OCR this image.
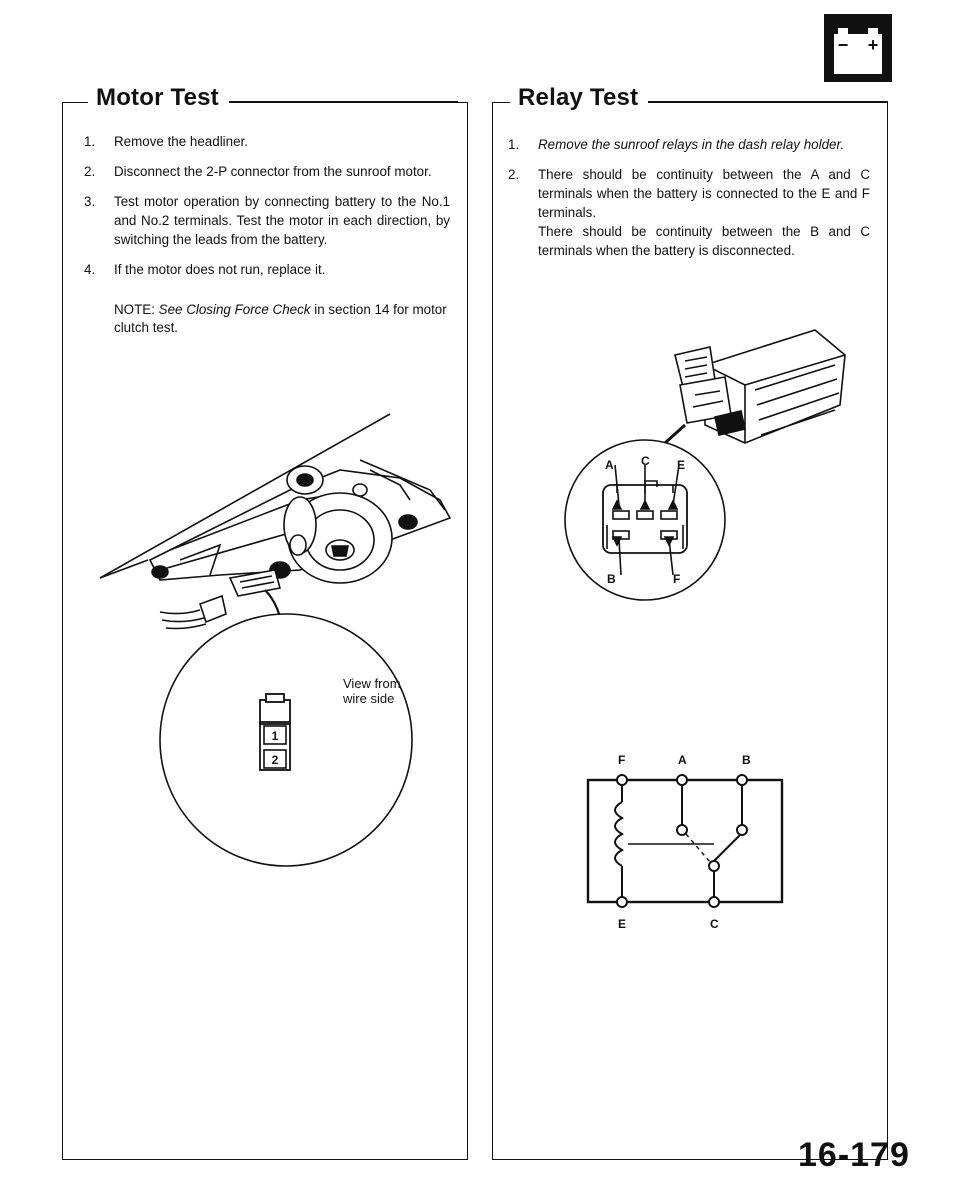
− +
Motor Test	Relay Test
1.	Remove the headliner.
2.	Disconnect the 2-P connector from the sunroof motor.
3.	Test motor operation by connecting battery to the No.1 and No.2 terminals. Test the motor in each direction, by switching the leads from the battery.
4.	If the motor does not run, replace it.
NOTE: See Closing Force Check in section 14 for motor clutch test.
1.	Remove the sunroof relays in the dash relay holder.
2.	There should be continuity between the A and C terminals when the battery is connected to the E and F terminals.
There should be continuity between the B and C terminals when the battery is disconnected.
1
2
View from wire side
A C E
B	F
F	A	B
E	C
16-179
